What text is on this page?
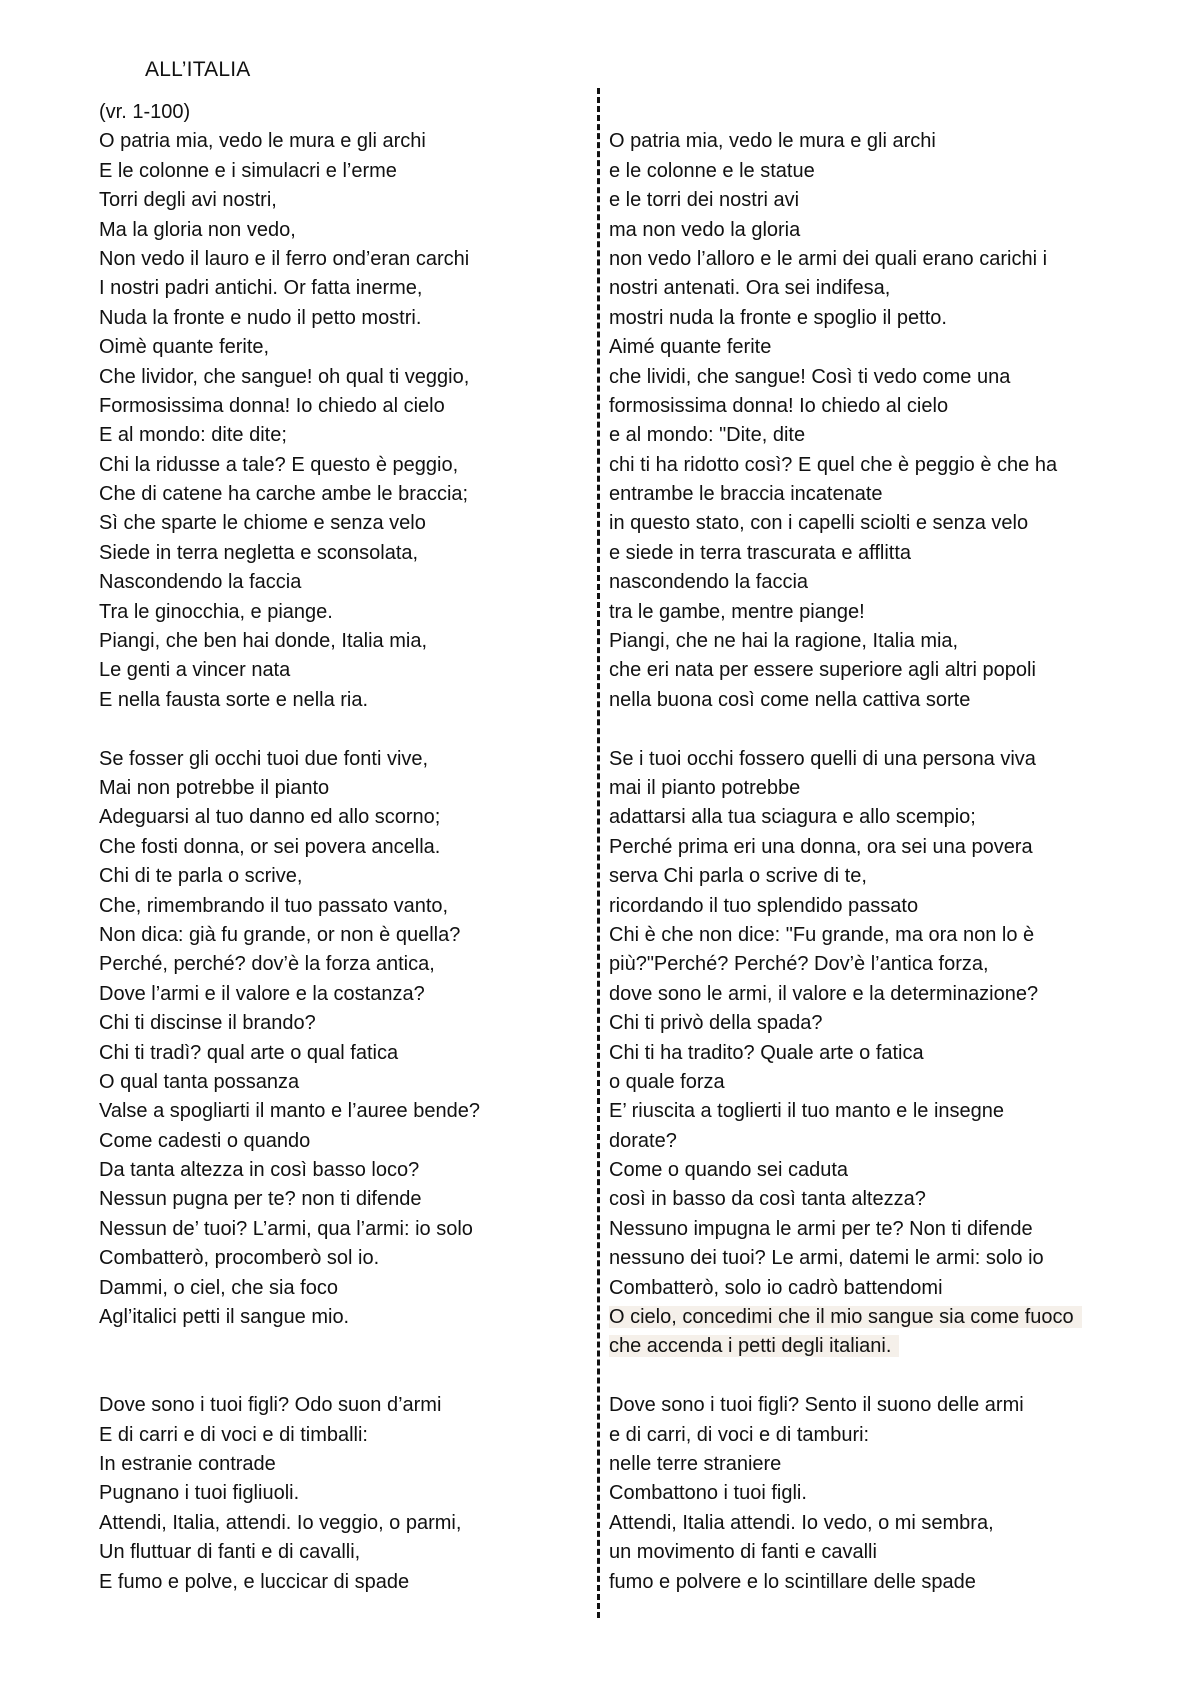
ALL’ITALIA
(vr. 1-100)
O patria mia, vedo le mura e gli archi
E le colonne e i simulacri e l’erme
Torri degli avi nostri,
Ma la gloria non vedo,
Non vedo il lauro e il ferro ond’eran carchi
I nostri padri antichi. Or fatta inerme,
Nuda la fronte e nudo il petto mostri.
Oimè quante ferite,
Che lividor, che sangue! oh qual ti veggio,
Formosissima donna! Io chiedo al cielo
E al mondo: dite dite;
Chi la ridusse a tale? E questo è peggio,
Che di catene ha carche ambe le braccia;
Sì che sparte le chiome e senza velo
Siede in terra negletta e sconsolata,
Nascondendo la faccia
Tra le ginocchia, e piange.
Piangi, che ben hai donde, Italia mia,
Le genti a vincer nata
E nella fausta sorte e nella ria.
Se fosser gli occhi tuoi due fonti vive,
Mai non potrebbe il pianto
Adeguarsi al tuo danno ed allo scorno;
Che fosti donna, or sei povera ancella.
Chi di te parla o scrive,
Che, rimembrando il tuo passato vanto,
Non dica: già fu grande, or non è quella?
Perché, perché? dov’è la forza antica,
Dove l’armi e il valore e la costanza?
Chi ti discinse il brando?
Chi ti tradì? qual arte o qual fatica
O qual tanta possanza
Valse a spogliarti il manto e l’auree bende?
Come cadesti o quando
Da tanta altezza in così basso loco?
Nessun pugna per te? non ti difende
Nessun de’ tuoi? L’armi, qua l’armi: io solo
Combatterò, procomberò sol io.
Dammi, o ciel, che sia foco
Agl’italici petti il sangue mio.
Dove sono i tuoi figli? Odo suon d’armi
E di carri e di voci e di timballi:
In estranie contrade
Pugnano i tuoi figliuoli.
Attendi, Italia, attendi. Io veggio, o parmi,
Un fluttuar di fanti e di cavalli,
E fumo e polve, e luccicar di spade
O patria mia, vedo le mura e gli archi
e le colonne e le statue
e le torri dei nostri avi
ma non vedo la gloria
non vedo l’alloro e le armi dei quali erano carichi i
nostri antenati. Ora sei indifesa,
mostri nuda la fronte e spoglio il petto.
Aimé quante ferite
che lividi, che sangue! Così ti vedo come una
formosissima donna! Io chiedo al cielo
e al mondo: "Dite, dite
chi ti ha ridotto così? E quel che è peggio è che ha
entrambe le braccia incatenate
in questo stato, con i capelli sciolti e senza velo
e siede in terra trascurata e afflitta
nascondendo la faccia
tra le gambe, mentre piange!
Piangi, che ne hai la ragione, Italia mia,
che eri nata per essere superiore agli altri popoli
nella buona così come nella cattiva sorte
Se i tuoi occhi fossero quelli di una persona viva
mai il pianto potrebbe
adattarsi alla tua sciagura e allo scempio;
Perché prima eri una donna, ora sei una povera
serva Chi parla o scrive di te,
ricordando il tuo splendido passato
Chi è che non dice: "Fu grande, ma ora non lo è
più?"Perché? Perché? Dov’è l’antica forza,
dove sono le armi, il valore e la determinazione?
Chi ti privò della spada?
Chi ti ha tradito? Quale arte o fatica
o quale forza
E’ riuscita a toglierti il tuo manto e le insegne
dorate?
Come o quando sei caduta
così in basso da così tanta altezza?
Nessuno impugna le armi per te? Non ti difende
nessuno dei tuoi? Le armi, datemi le armi: solo io
Combatterò, solo io cadrò battendomi
O cielo, concedimi che il mio sangue sia come fuoco
che accenda i petti degli italiani.
Dove sono i tuoi figli? Sento il suono delle armi
e di carri, di voci e di tamburi:
nelle terre straniere
Combattono i tuoi figli.
Attendi, Italia attendi. Io vedo, o mi sembra,
un movimento di fanti e cavalli
fumo e polvere e lo scintillare delle spade
